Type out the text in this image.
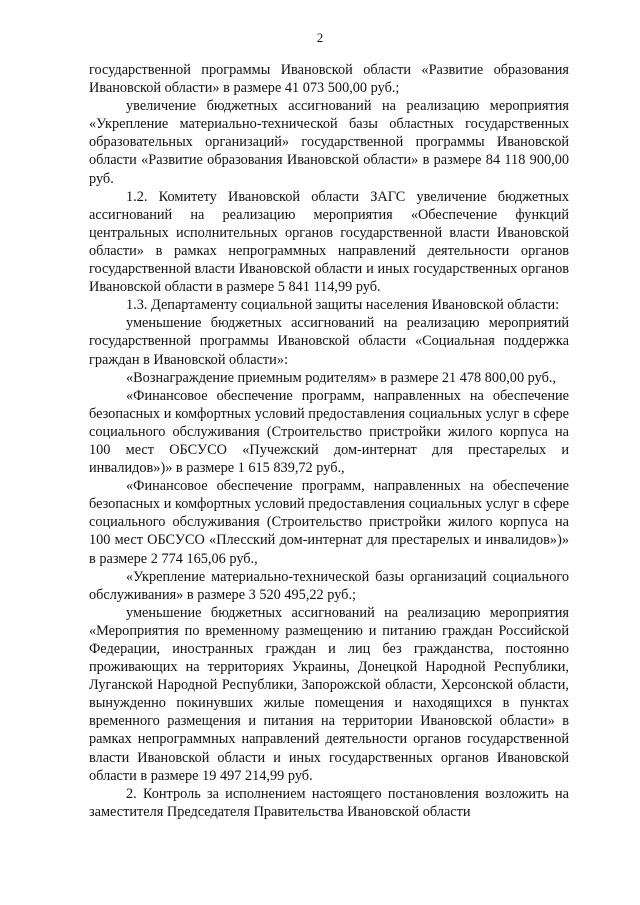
2

государственной программы Ивановской области «Развитие образования Ивановской области» в размере 41 073 500,00 руб.;

увеличение бюджетных ассигнований на реализацию мероприятия «Укрепление материально-технической базы областных государственных образовательных организаций» государственной программы Ивановской области «Развитие образования Ивановской области» в размере 84 118 900,00 руб.

1.2. Комитету Ивановской области ЗАГС увеличение бюджетных ассигнований на реализацию мероприятия «Обеспечение функций центральных исполнительных органов государственной власти Ивановской области» в рамках непрограммных направлений деятельности органов государственной власти Ивановской области и иных государственных органов Ивановской области в размере 5 841 114,99 руб.

1.3. Департаменту социальной защиты населения Ивановской области:

уменьшение бюджетных ассигнований на реализацию мероприятий государственной программы Ивановской области «Социальная поддержка граждан в Ивановской области»:

«Вознаграждение приемным родителям» в размере 21 478 800,00 руб.,

«Финансовое обеспечение программ, направленных на обеспечение безопасных и комфортных условий предоставления социальных услуг в сфере социального обслуживания (Строительство пристройки жилого корпуса на 100 мест ОБСУСО «Пучежский дом-интернат для престарелых и инвалидов»)» в размере 1 615 839,72 руб.,

«Финансовое обеспечение программ, направленных на обеспечение безопасных и комфортных условий предоставления социальных услуг в сфере социального обслуживания (Строительство пристройки жилого корпуса на 100 мест ОБСУСО «Плесский дом-интернат для престарелых и инвалидов»)» в размере 2 774 165,06 руб.,

«Укрепление материально-технической базы организаций социального обслуживания» в размере 3 520 495,22 руб.;

уменьшение бюджетных ассигнований на реализацию мероприятия «Мероприятия по временному размещению и питанию граждан Российской Федерации, иностранных граждан и лиц без гражданства, постоянно проживающих на территориях Украины, Донецкой Народной Республики, Луганской Народной Республики, Запорожской области, Херсонской области, вынужденно покинувших жилые помещения и находящихся в пунктах временного размещения и питания на территории Ивановской области» в рамках непрограммных направлений деятельности органов государственной власти Ивановской области и иных государственных органов Ивановской области в размере 19 497 214,99 руб.

2. Контроль за исполнением настоящего постановления возложить на заместителя Председателя Правительства Ивановской области
